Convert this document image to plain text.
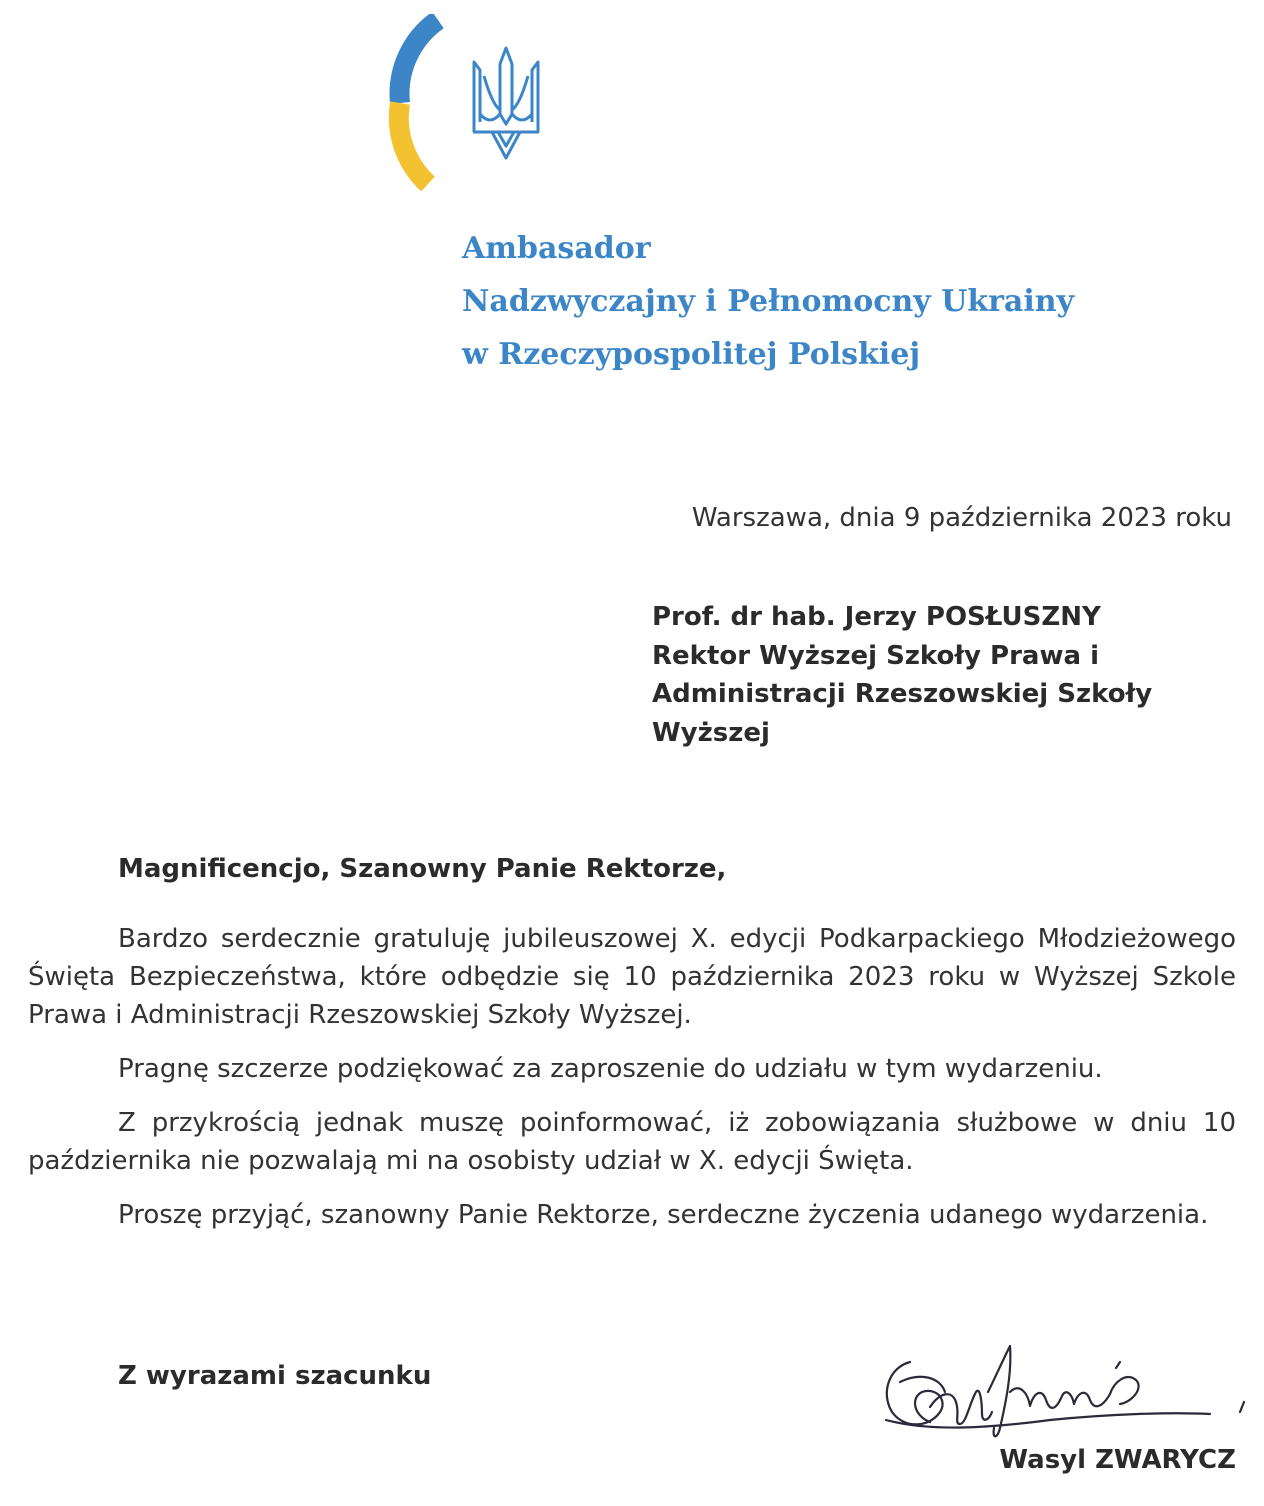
Ambasador
Nadzwyczajny i Pełnomocny Ukrainy
w Rzeczypospolitej Polskiej
Warszawa, dnia 9 października 2023 roku
Prof. dr hab. Jerzy POSŁUSZNY
Rektor Wyższej Szkoły Prawa i Administracji Rzeszowskiej Szkoły Wyższej
Magnificencjo, Szanowny Panie Rektorze,

Bardzo serdecznie gratuluję jubileuszowej X. edycji Podkarpackiego Młodzieżowego Święta Bezpieczeństwa, które odbędzie się 10 października 2023 roku w Wyższej Szkole Prawa i Administracji Rzeszowskiej Szkoły Wyższej.

Pragnę szczerze podziękować za zaproszenie do udziału w tym wydarzeniu.

Z przykrością jednak muszę poinformować, iż zobowiązania służbowe w dniu 10 października nie pozwalają mi na osobisty udział w X. edycji Święta.

Proszę przyjąć, szanowny Panie Rektorze, serdeczne życzenia udanego wydarzenia.

Z wyrazami szacunku
Wasyl ZWARYCZ
